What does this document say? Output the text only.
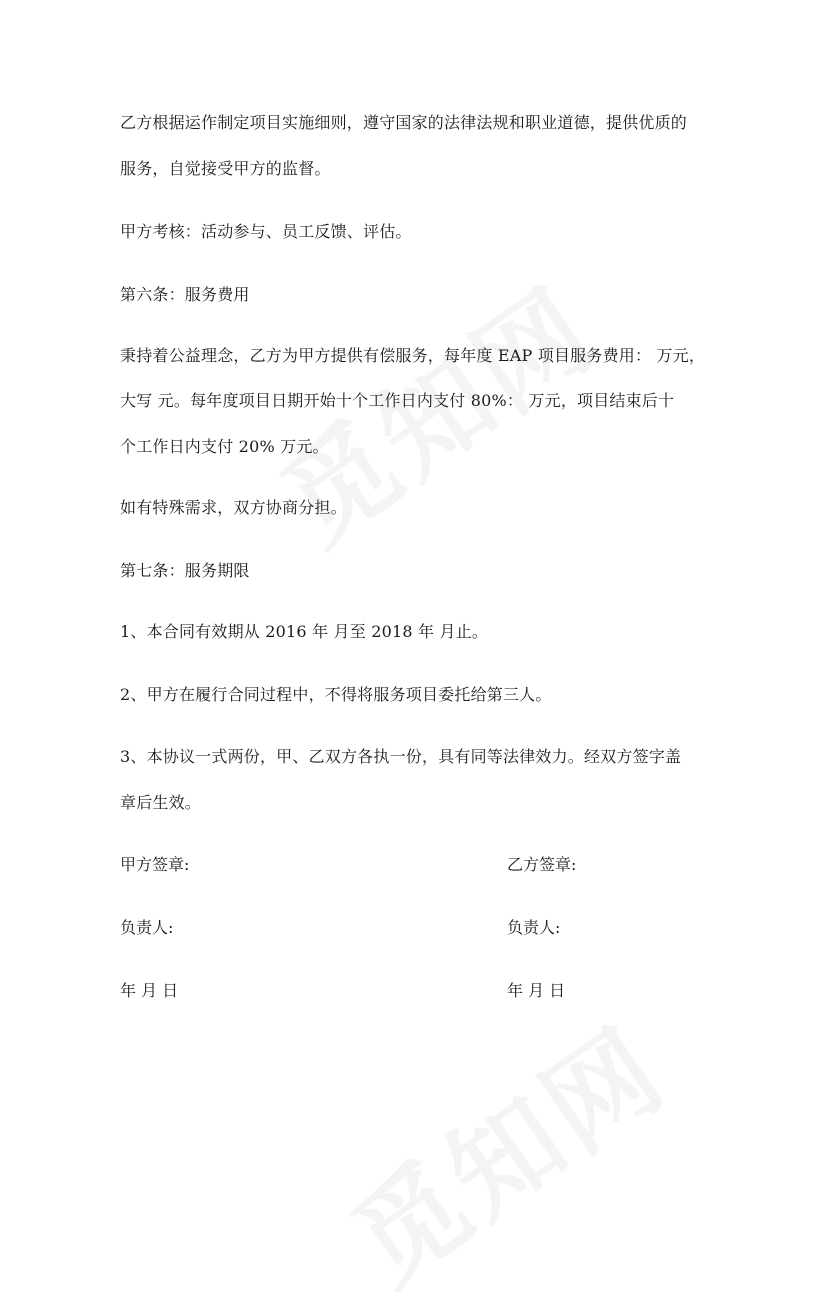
乙方根据运作制定项目实施细则，遵守国家的法律法规和职业道德，提供优质的
服务，自觉接受甲方的监督。
甲方考核：活动参与、员工反馈、评估。
第六条：服务费用
秉持着公益理念，乙方为甲方提供有偿服务，每年度 EAP 项目服务费用： 万元，
大写 元。每年度项目日期开始十个工作日内支付 80%： 万元，项目结束后十
个工作日内支付 20% 万元。
如有特殊需求，双方协商分担。
第七条：服务期限
1、本合同有效期从 2016 年 月至 2018 年 月止。
2、甲方在履行合同过程中，不得将服务项目委托给第三人。
3、本协议一式两份，甲、乙双方各执一份，具有同等法律效力。经双方签字盖
章后生效。
甲方签章:	乙方签章:
负责人:	负责人:
年 月 日	年 月 日
